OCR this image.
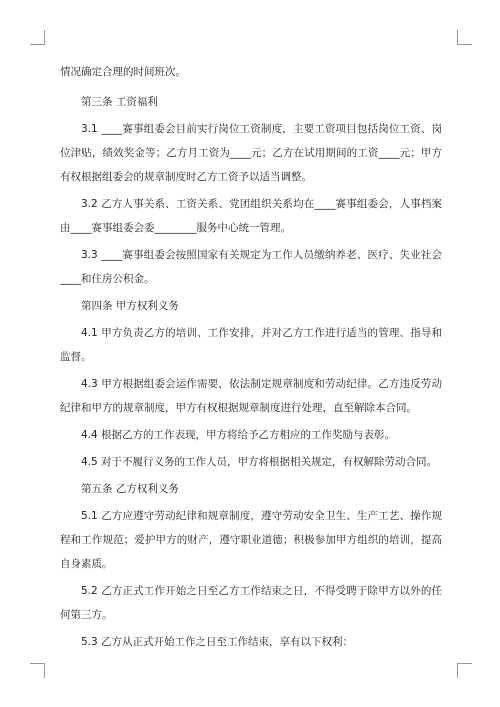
情况确定合理的时间班次。

第三条 工资福利

3.1 ____赛事组委会目前实行岗位工资制度，主要工资项目包括岗位工资、岗位津贴，绩效奖金等；乙方月工资为____元；乙方在试用期间的工资____元；甲方有权根据组委会的规章制度时乙方工资予以适当调整。

3.2 乙方人事关系、工资关系、党团组织关系均在____赛事组委会，人事档案由____赛事组委会委________服务中心统一管理。

3.3 ____赛事组委会按照国家有关规定为工作人员缴纳养老、医疗、失业社会____和住房公积金。

第四条 甲方权利义务

4.1 甲方负责乙方的培训、工作安排，并对乙方工作进行适当的管理、指导和监督。

4.3 甲方根据组委会运作需要，依法制定规章制度和劳动纪律。乙方违反劳动纪律和甲方的规章制度，甲方有权根据规章制度进行处理，直至解除本合同。

4.4 根据乙方的工作表现，甲方将给予乙方相应的工作奖励与表彰。

4.5 对于不履行义务的工作人员，甲方将根据相关规定，有权解除劳动合同。

第五条 乙方权利义务

5.1 乙方应遵守劳动纪律和规章制度，遵守劳动安全卫生、生产工艺、操作规程和工作规范；爱护甲方的财产，遵守职业道德；积极参加甲方组织的培训，提高自身素质。

5.2 乙方正式工作开始之日至乙方工作结束之日，不得受聘于除甲方以外的任何第三方。

5.3 乙方从正式开始工作之日至工作结束，享有以下权利：
